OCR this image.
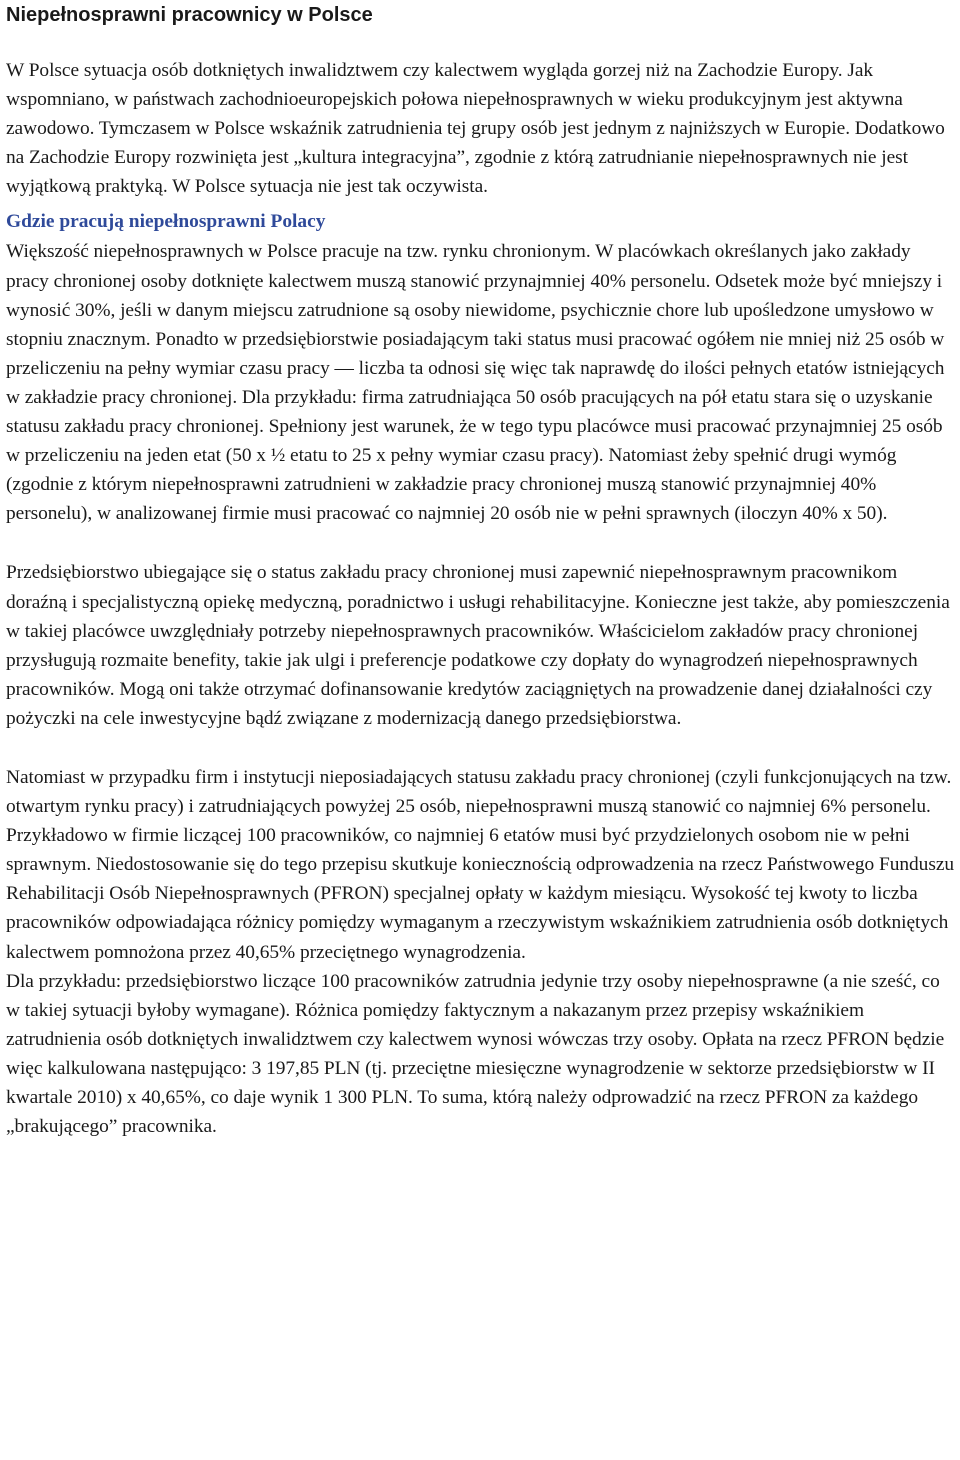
Niepełnosprawni pracownicy w Polsce

W Polsce sytuacja osób dotkniętych inwalidztwem czy kalectwem wygląda gorzej niż na Zachodzie Europy. Jak wspomniano, w państwach zachodnioeuropejskich połowa niepełnosprawnych w wieku produkcyjnym jest aktywna zawodowo. Tymczasem w Polsce wskaźnik zatrudnienia tej grupy osób jest jednym z najniższych w Europie. Dodatkowo na Zachodzie Europy rozwinięta jest „kultura integracyjna”, zgodnie z którą zatrudnianie niepełnosprawnych nie jest wyjątkową praktyką. W Polsce sytuacja nie jest tak oczywista.

Gdzie pracują niepełnosprawni Polacy

Większość niepełnosprawnych w Polsce pracuje na tzw. rynku chronionym. W placówkach określanych jako zakłady pracy chronionej osoby dotknięte kalectwem muszą stanowić przynajmniej 40% personelu. Odsetek może być mniejszy i wynosić 30%, jeśli w danym miejscu zatrudnione są osoby niewidome, psychicznie chore lub upośledzone umysłowo w stopniu znacznym. Ponadto w przedsiębiorstwie posiadającym taki status musi pracować ogółem nie mniej niż 25 osób w przeliczeniu na pełny wymiar czasu pracy — liczba ta odnosi się więc tak naprawdę do ilości pełnych etatów istniejących w zakładzie pracy chronionej. Dla przykładu: firma zatrudniająca 50 osób pracujących na pół etatu stara się o uzyskanie statusu zakładu pracy chronionej. Spełniony jest warunek, że w tego typu placówce musi pracować przynajmniej 25 osób w przeliczeniu na jeden etat (50 x ½ etatu to 25 x pełny wymiar czasu pracy). Natomiast żeby spełnić drugi wymóg (zgodnie z którym niepełnosprawni zatrudnieni w zakładzie pracy chronionej muszą stanowić przynajmniej 40% personelu), w analizowanej firmie musi pracować co najmniej 20 osób nie w pełni sprawnych (iloczyn 40% x 50).

Przedsiębiorstwo ubiegające się o status zakładu pracy chronionej musi zapewnić niepełnosprawnym pracownikom doraźną i specjalistyczną opiekę medyczną, poradnictwo i usługi rehabilitacyjne. Konieczne jest także, aby pomieszczenia w takiej placówce uwzględniały potrzeby niepełnosprawnych pracowników. Właścicielom zakładów pracy chronionej przysługują rozmaite benefity, takie jak ulgi i preferencje podatkowe czy dopłaty do wynagrodzeń niepełnosprawnych pracowników. Mogą oni także otrzymać dofinansowanie kredytów zaciągniętych na prowadzenie danej działalności czy pożyczki na cele inwestycyjne bądź związane z modernizacją danego przedsiębiorstwa.

Natomiast w przypadku firm i instytucji nieposiadających statusu zakładu pracy chronionej (czyli funkcjonujących na tzw. otwartym rynku pracy) i zatrudniających powyżej 25 osób, niepełnosprawni muszą stanowić co najmniej 6% personelu. Przykładowo w firmie liczącej 100 pracowników, co najmniej 6 etatów musi być przydzielonych osobom nie w pełni sprawnym. Niedostosowanie się do tego przepisu skutkuje koniecznością odprowadzenia na rzecz Państwowego Funduszu Rehabilitacji Osób Niepełnosprawnych (PFRON) specjalnej opłaty w każdym miesiącu. Wysokość tej kwoty to liczba pracowników odpowiadająca różnicy pomiędzy wymaganym a rzeczywistym wskaźnikiem zatrudnienia osób dotkniętych kalectwem pomnożona przez 40,65% przeciętnego wynagrodzenia.

Dla przykładu: przedsiębiorstwo liczące 100 pracowników zatrudnia jedynie trzy osoby niepełnosprawne (a nie sześć, co w takiej sytuacji byłoby wymagane). Różnica pomiędzy faktycznym a nakazanym przez przepisy wskaźnikiem zatrudnienia osób dotkniętych inwalidztwem czy kalectwem wynosi wówczas trzy osoby. Opłata na rzecz PFRON będzie więc kalkulowana następująco: 3 197,85 PLN (tj. przeciętne miesięczne wynagrodzenie w sektorze przedsiębiorstw w II kwartale 2010) x 40,65%, co daje wynik 1 300 PLN. To suma, którą należy odprowadzić na rzecz PFRON za każdego „brakującego” pracownika.
